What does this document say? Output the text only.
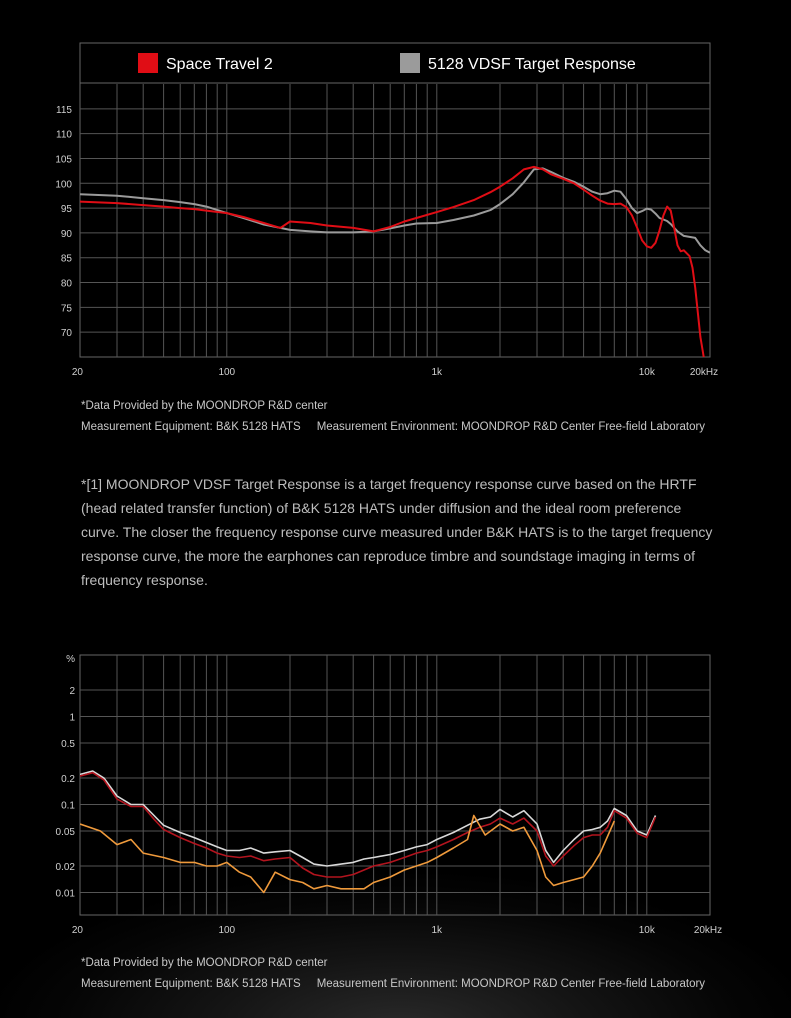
Space Travel 2	5128 VDSF Target Response
70
75
80
85
90
95
100
105
110
115
20	100	1k	10k	20kHz
*Data Provided by the MOONDROP R&D center
Measurement Equipment: B&K 5128 HATS Measurement Environment: MOONDROP R&D Center Free-field Laboratory
*[1] MOONDROP VDSF Target Response is a target frequency response curve based on the HRTF (head related transfer function) of B&K 5128 HATS under diffusion and the ideal room preference curve. The closer the frequency response curve measured under B&K HATS is to the target frequency response curve, the more the earphones can reproduce timbre and soundstage imaging in terms of frequency response.
%
2
1
0.5
0.2
0.1
0.05
0.02
0.01
20	100	1k	10k	20kHz
*Data Provided by the MOONDROP R&D center
Measurement Equipment: B&K 5128 HATS Measurement Environment: MOONDROP R&D Center Free-field Laboratory
